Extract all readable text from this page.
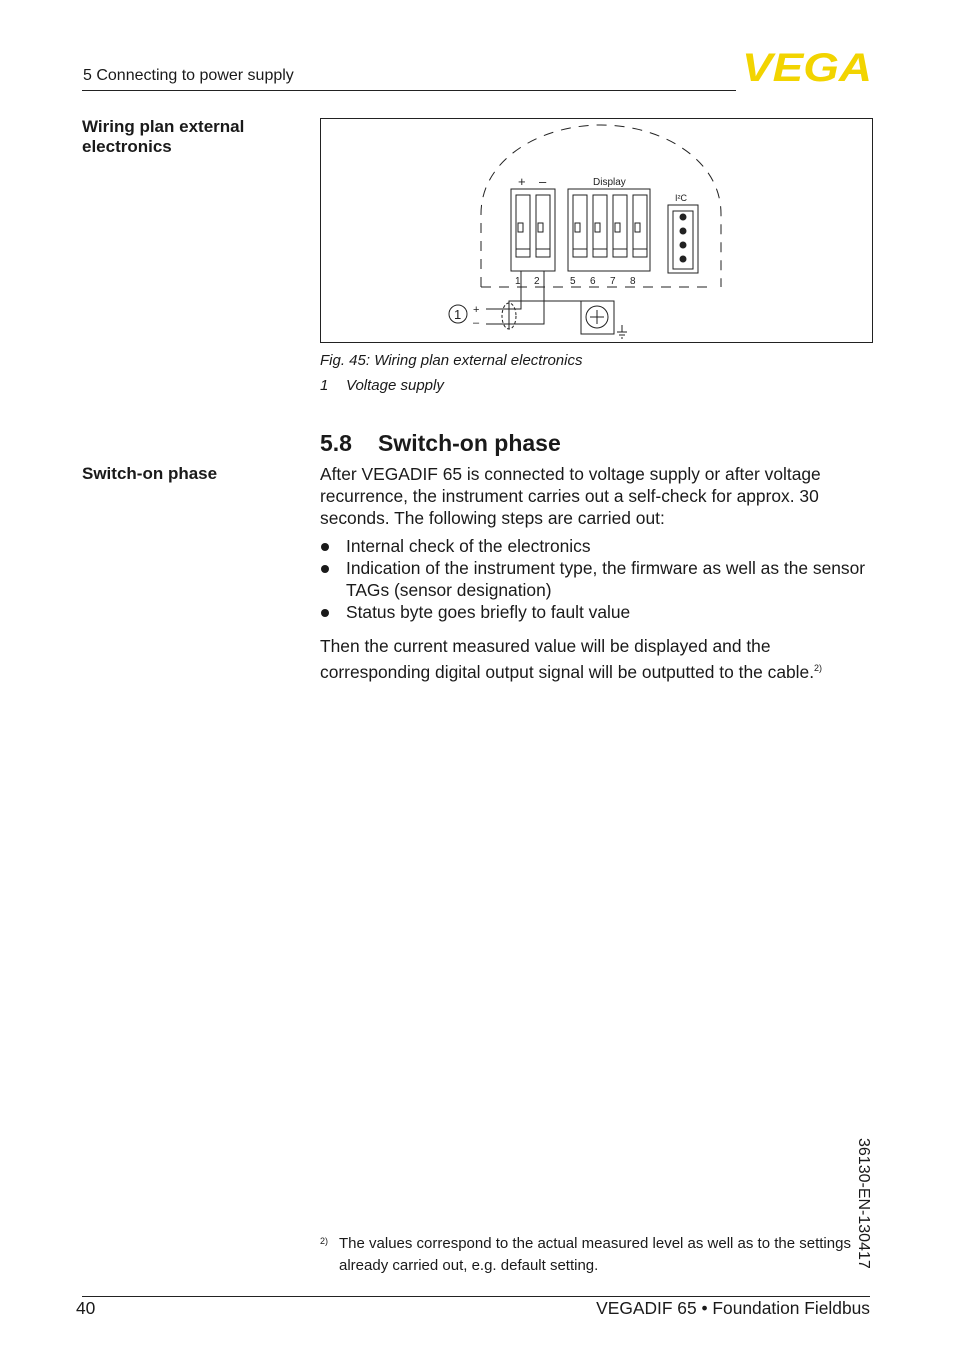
5 Connecting to power supply	VEGA
Wiring plan external electronics
+ –	Display
I²C
1 2	5 6 7 8
1 +
–
Fig. 45: Wiring plan external electronics
1 Voltage supply
5.8 Switch-on phase
Switch-on phase	After VEGADIF 65 is connected to voltage supply or after voltage recurrence, the instrument carries out a self-check for approx. 30 seconds. The following steps are carried out:
Internal check of the electronics
Indication of the instrument type, the firmware as well as the sensor TAGs (sensor designation)
Status byte goes briefly to fault value
Then the current measured value will be displayed and the corresponding digital output signal will be outputted to the cable.$^{2)}$
36130-EN-130417
2) The values correspond to the actual measured level as well as to the settings already carried out, e.g. default setting.
40	VEGADIF 65 • Foundation Fieldbus
